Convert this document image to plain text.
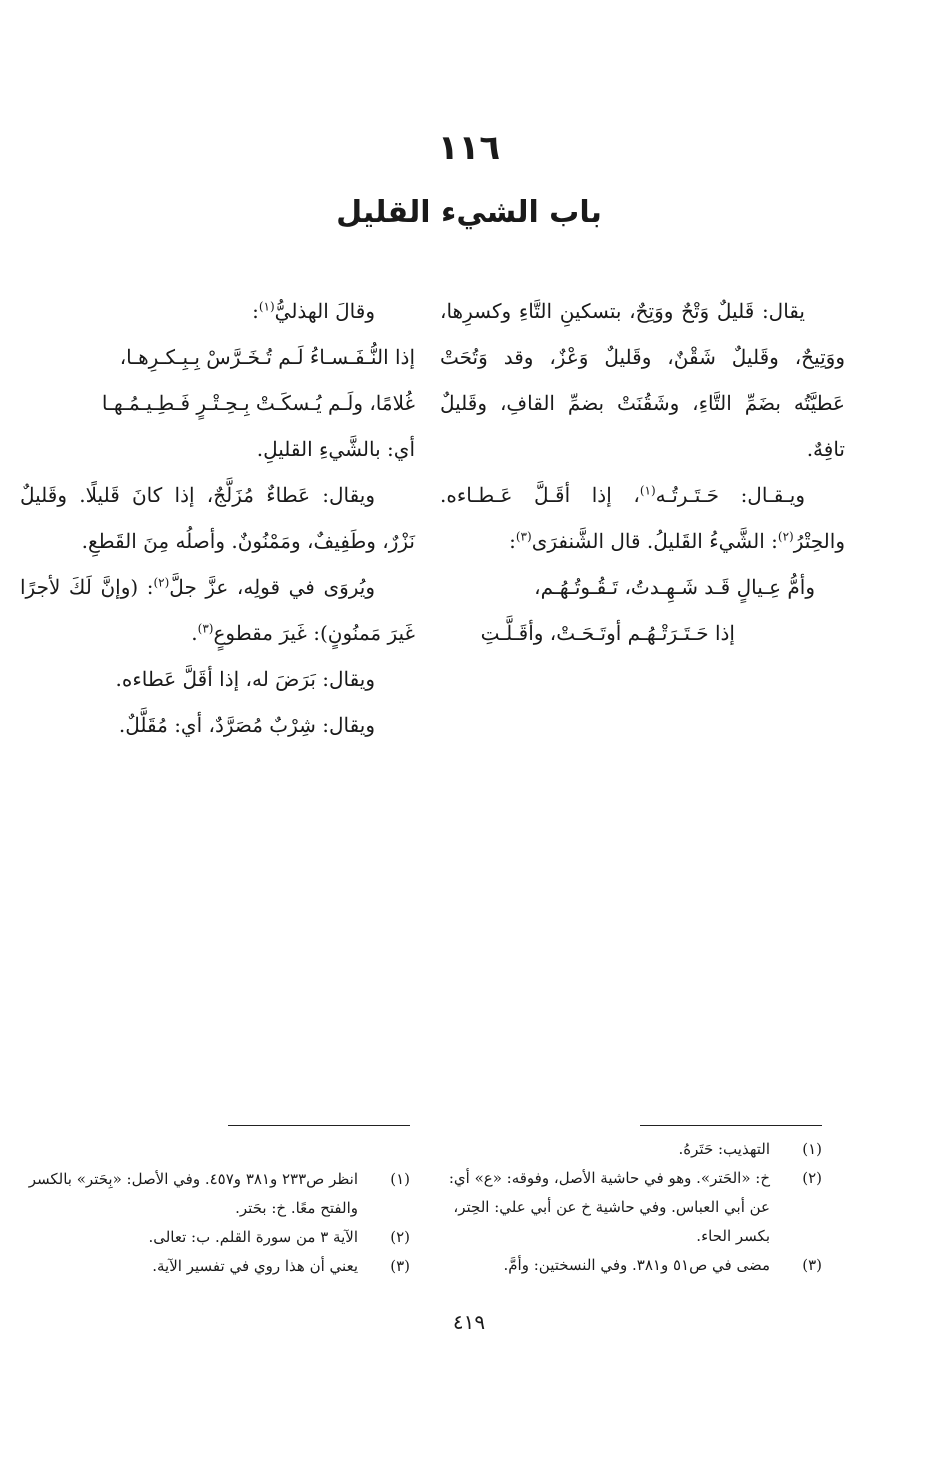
١١٦
باب الشيء القليل

يقال: قَليلٌ وَتْحٌ ووَتِحٌ، بتسكينِ التَّاءِ وكسرِها، ووَتِيحٌ، وقَليلٌ شَقْنٌ، وقَليلٌ وَعْزٌ، وقد وَتُحَتْ عَطيَّتُه بضَمِّ التَّاءِ، وشَقُنَتْ بضمِّ القافِ، وقَليلٌ تافِهٌ.

ويـقـال: حَـتَـرتُـه$^{(١)}$، إذا أقَـلَّ عَـطـاءه. والحِتْرُ$^{(٢)}$: الشَّيءُ القَليلُ. قال الشَّنفرَى$^{(٣)}$:

وأمُّ عِـيالٍ قَـد شَـهِـدتُ، تَـقُـوتُـهُـم،

إذا حَـتَـرَتْـهُـم أوتَـحَـتْ، وأقَـلَّـتِ

وقالَ الهذليُّ$^{(١)}$:

إذا النُّـفَـسـاءُ لَـم تُـخَـرَّسْ بِـبِـكـرِهـا،

غُلامًا، ولَـم يُـسكَـتْ بِـحِـتْـرٍ فَـطِـيـمُـهـا

أي: بالشَّيءِ القليلِ.

ويقال: عَطاءٌ مُزَلَّجٌ، إذا كانَ قَليلًا. وقَليلٌ نَزْرٌ، وطَفِيفٌ، ومَمْنُونٌ. وأصلُه مِنَ القَطعِ.

ويُروَى في قولِه، عزَّ جلَّ$^{(٢)}$: (وإنَّ لَكَ لأجرًا غَيرَ مَمنُونٍ): غَيرَ مقطوعٍ$^{(٣)}$.

ويقال: بَرَضَ له، إذا أقَلَّ عَطاءه.

ويقال: شِرْبٌ مُصَرَّدٌ، أي: مُقَلَّلٌ.

(١)
التهذيب: حَتَرهُ.
(٢)
خ: «الحَتر». وهو في حاشية الأصل، وفوقه: «ع» أي: عن أبي العباس. وفي حاشية خ عن أبي علي: الحِتر، بكسر الحاء.
(٣)
مضى في ص٥١ و٣٨١. وفي النسختين: وأمَّ.
(١)
انظر ص٢٣٣ و٣٨١ و٤٥٧. وفي الأصل: «بِحَتر» بالكسر والفتح معًا. خ: بحَتر.
(٢)
الآية ٣ من سورة القلم. ب: تعالى.
(٣)
يعني أن هذا روي في تفسير الآية.
٤١٩
